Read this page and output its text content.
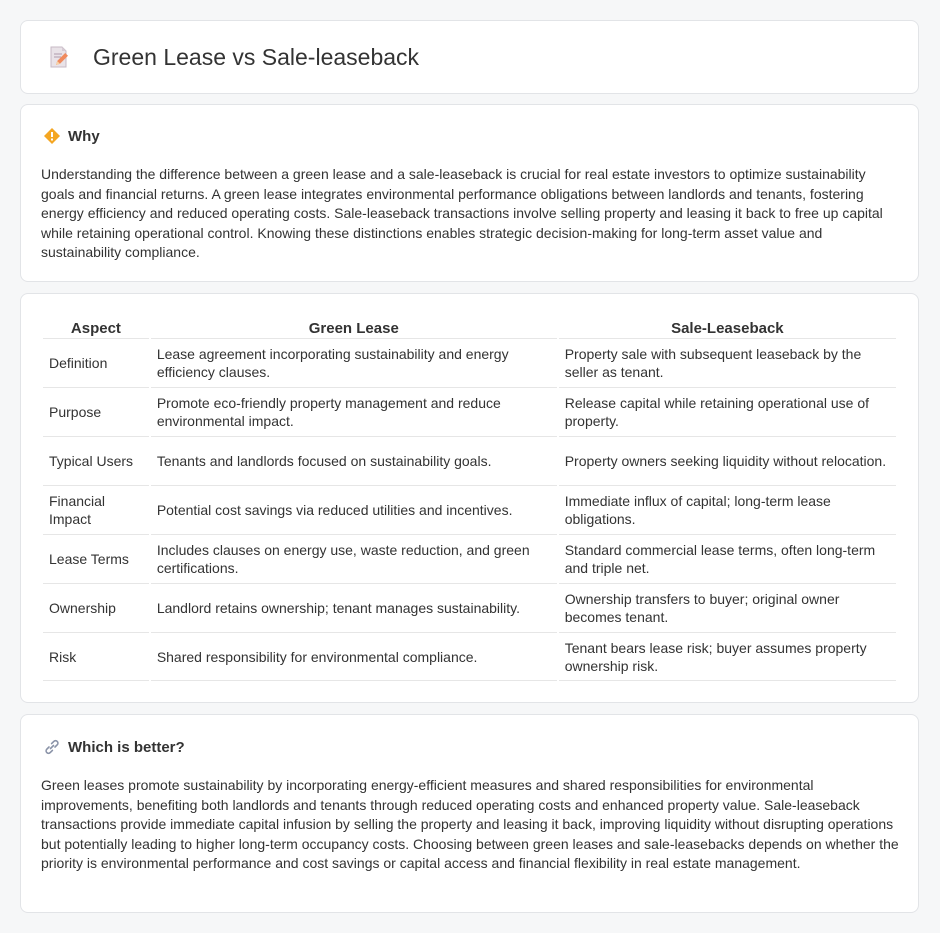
Green Lease vs Sale-leaseback
Why

Understanding the difference between a green lease and a sale-leaseback is crucial for real estate investors to optimize sustainability goals and financial returns. A green lease integrates environmental performance obligations between landlords and tenants, fostering energy efficiency and reduced operating costs. Sale-leaseback transactions involve selling property and leasing it back to free up capital while retaining operational control. Knowing these distinctions enables strategic decision-making for long-term asset value and sustainability compliance.

Aspect	Green Lease	Sale-Leaseback
Definition	Lease agreement incorporating sustainability and energy efficiency clauses.	Property sale with subsequent leaseback by the seller as tenant.
Purpose	Promote eco-friendly property management and reduce environmental impact.	Release capital while retaining operational use of property.
Typical Users	Tenants and landlords focused on sustainability goals.	Property owners seeking liquidity without relocation.
Financial Impact	Potential cost savings via reduced utilities and incentives.	Immediate influx of capital; long-term lease obligations.
Lease Terms	Includes clauses on energy use, waste reduction, and green certifications.	Standard commercial lease terms, often long-term and triple net.
Ownership	Landlord retains ownership; tenant manages sustainability.	Ownership transfers to buyer; original owner becomes tenant.
Risk	Shared responsibility for environmental compliance.	Tenant bears lease risk; buyer assumes property ownership risk.
Which is better?

Green leases promote sustainability by incorporating energy-efficient measures and shared responsibilities for environmental improvements, benefiting both landlords and tenants through reduced operating costs and enhanced property value. Sale-leaseback transactions provide immediate capital infusion by selling the property and leasing it back, improving liquidity without disrupting operations but potentially leading to higher long-term occupancy costs. Choosing between green leases and sale-leasebacks depends on whether the priority is environmental performance and cost savings or capital access and financial flexibility in real estate management.
